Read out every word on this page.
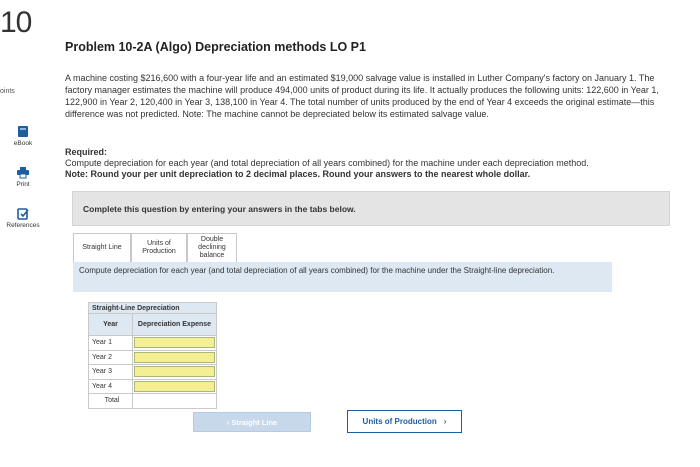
10
oints
eBook
Print
References
Problem 10-2A (Algo) Depreciation methods LO P1
A machine costing $216,600 with a four-year life and an estimated $19,000 salvage value is installed in Luther Company's factory on January 1. The factory manager estimates the machine will produce 494,000 units of product during its life. It actually produces the following units: 122,600 in Year 1, 122,900 in Year 2, 120,400 in Year 3, 138,100 in Year 4. The total number of units produced by the end of Year 4 exceeds the original estimate—this difference was not predicted. Note: The machine cannot be depreciated below its estimated salvage value.
Required:
Compute depreciation for each year (and total depreciation of all years combined) for the machine under each depreciation method.
Note: Round your per unit depreciation to 2 decimal places. Round your answers to the nearest whole dollar.
Complete this question by entering your answers in the tabs below.
Straight Line
Units of Production
Double declining balance
Compute depreciation for each year (and total depreciation of all years combined) for the machine under the Straight-line depreciation.
Straight-Line Depreciation	
Year	Depreciation Expense
Year 1	
Year 2	
Year 3	
Year 4	
Total	
‹ Straight Line	Units of Production ›
